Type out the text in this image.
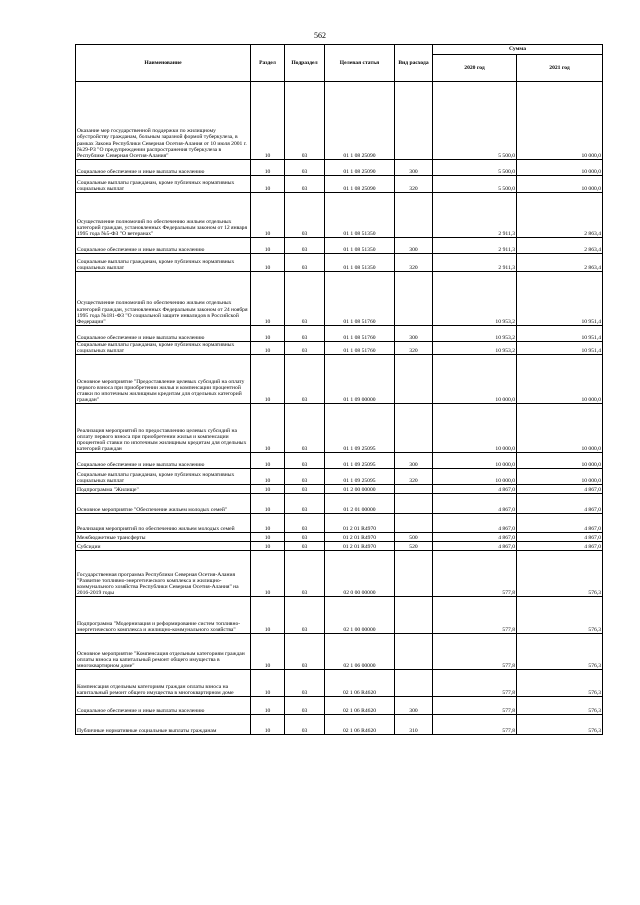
562
Наименование	Раздел	Подраздел	Целевая статья	Вид расхода	Сумма	
					2020 год	2021 год
Оказание мер государственной поддержки по жилищному обустройству гражданам, больным заразной формой туберкулеза, в рамках Закона Республики Северная Осетия-Алания от 10 июля 2001 г. №29-РЗ "О предупреждении распространения туберкулеза в Республике Северная Осетия-Алания"	10	03	01 1 08 25090		5 500,0	10 000,0
Социальное обеспечение и иные выплаты населению	10	03	01 1 08 25090	300	5 500,0	10 000,0
Социальные выплаты гражданам, кроме публичных нормативных социальных выплат	10	03	01 1 08 25090	320	5 500,0	10 000,0
Осуществление полномочий по обеспечению жильем отдельных категорий граждан, установленных Федеральным законом от 12 января 1995 года №5-ФЗ "О ветеранах"	10	03	01 1 08 51350		2 911,3	2 863,4
Социальное обеспечение и иные выплаты населению	10	03	01 1 08 51350	300	2 911,3	2 863,4
Социальные выплаты гражданам, кроме публичных нормативных социальных выплат	10	03	01 1 08 51350	320	2 911,3	2 863,4
Осуществление полномочий по обеспечению жильем отдельных категорий граждан, установленных Федеральным законом от 24 ноября 1995 года №181-ФЗ "О социальной защите инвалидов в Российской Федерации"	10	03	01 1 08 51760		10 953,2	10 951,4
Социальное обеспечение и иные выплаты населению	10	03	01 1 08 51760	300	10 953,2	10 951,4
Социальные выплаты гражданам, кроме публичных нормативных социальных выплат	10	03	01 1 08 51760	320	10 953,2	10 951,4
Основное мероприятие "Предоставление целевых субсидий на оплату первого взноса при приобретении жилья и компенсации процентной ставки по ипотечным жилищным кредитам для отдельных категорий граждан"	10	03	01 1 09 00000		10 000,0	10 000,0
Реализация мероприятий по предоставлению целевых субсидий на оплату первого взноса при приобретении жилья и компенсации процентной ставки по ипотечным жилищным кредитам для отдельных категорий граждан	10	03	01 1 09 25095		10 000,0	10 000,0
Социальное обеспечение и иные выплаты населению	10	03	01 1 09 25095	300	10 000,0	10 000,0
Социальные выплаты гражданам, кроме публичных нормативных социальных выплат	10	03	01 1 09 25095	320	10 000,0	10 000,0
Подпрограмма "Жилище"	10	03	01 2 00 00000		4 867,0	4 867,0
Основное мероприятие "Обеспечение жильем молодых семей"	10	03	01 2 01 00000		4 867,0	4 867,0
Реализация мероприятий по обеспечению жильем молодых семей	10	03	01 2 01 R4970		4 867,0	4 867,0
Межбюджетные трансферты	10	03	01 2 01 R4970	500	4 867,0	4 867,0
Субсидии	10	03	01 2 01 R4970	520	4 867,0	4 867,0
Государственная программа Республики Северная Осетия-Алания "Развитие топливно-энергетического комплекса и жилищно-коммунального хозяйства Республики Северная Осетия-Алания" на 2016-2019 годы	10	03	02 0 00 00000		577,8	576,3
Подпрограмма "Модернизация и реформирование систем топливно-энергетического комплекса и жилищно-коммунального хозяйства"	10	03	02 1 00 00000		577,8	576,3
Основное мероприятие "Компенсация отдельным категориям граждан оплаты взноса на капитальный ремонт общего имущества в многоквартирном доме"	10	03	02 1 06 00000		577,8	576,3
Компенсация отдельным категориям граждан оплаты взноса на капитальный ремонт общего имущества в многоквартирном доме	10	03	02 1 06 R4620		577,8	576,3
Социальное обеспечение и иные выплаты населению	10	03	02 1 06 R4620	300	577,8	576,3
Публичные нормативные социальные выплаты гражданам	10	03	02 1 06 R4620	310	577,8	576,3
